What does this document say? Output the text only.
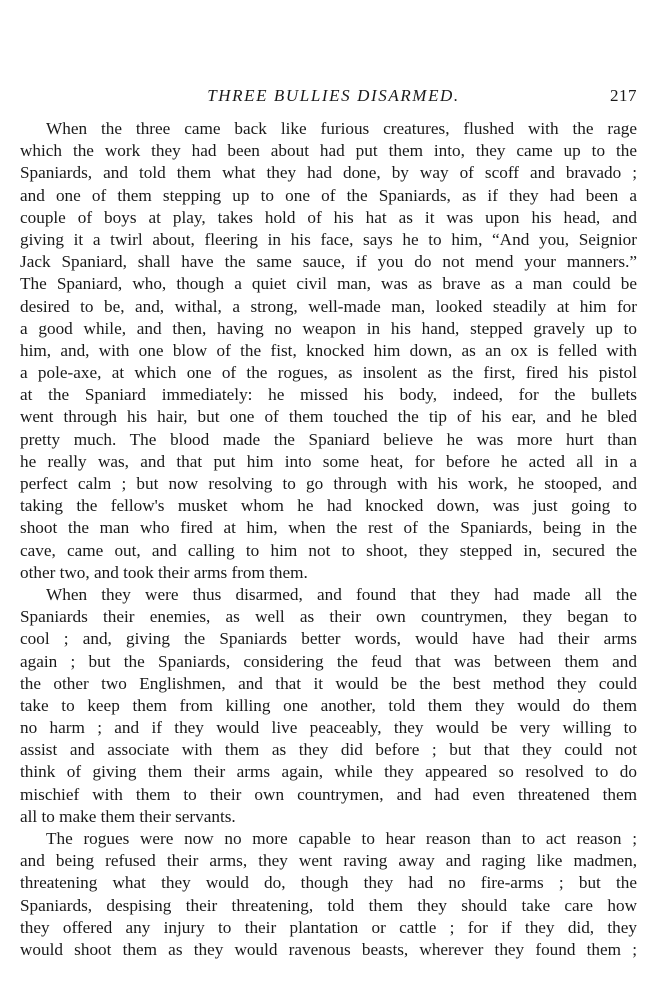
THREE BULLIES DISARMED.	217

When the three came back like furious creatures, flushed with the rage
which the work they had been about had put them into, they came up to the
Spaniards, and told them what they had done, by way of scoff and bravado ;
and one of them stepping up to one of the Spaniards, as if they had been a
couple of boys at play, takes hold of his hat as it was upon his head, and
giving it a twirl about, fleering in his face, says he to him, “And you, Seignior
Jack Spaniard, shall have the same sauce, if you do not mend your manners.”
The Spaniard, who, though a quiet civil man, was as brave as a man could be
desired to be, and, withal, a strong, well-made man, looked steadily at him for
a good while, and then, having no weapon in his hand, stepped gravely up to
him, and, with one blow of the fist, knocked him down, as an ox is felled with
a pole-axe, at which one of the rogues, as insolent as the first, fired his pistol
at the Spaniard immediately: he missed his body, indeed, for the bullets
went through his hair, but one of them touched the tip of his ear, and he bled
pretty much. The blood made the Spaniard believe he was more hurt than
he really was, and that put him into some heat, for before he acted all in a
perfect calm ; but now resolving to go through with his work, he stooped, and
taking the fellow's musket whom he had knocked down, was just going to
shoot the man who fired at him, when the rest of the Spaniards, being in the
cave, came out, and calling to him not to shoot, they stepped in, secured the
other two, and took their arms from them.

When they were thus disarmed, and found that they had made all the
Spaniards their enemies, as well as their own countrymen, they began to
cool ; and, giving the Spaniards better words, would have had their arms
again ; but the Spaniards, considering the feud that was between them and
the other two Englishmen, and that it would be the best method they could
take to keep them from killing one another, told them they would do them
no harm ; and if they would live peaceably, they would be very willing to
assist and associate with them as they did before ; but that they could not
think of giving them their arms again, while they appeared so resolved to do
mischief with them to their own countrymen, and had even threatened them
all to make them their servants.

The rogues were now no more capable to hear reason than to act reason ;
and being refused their arms, they went raving away and raging like madmen,
threatening what they would do, though they had no fire-arms ; but the
Spaniards, despising their threatening, told them they should take care how
they offered any injury to their plantation or cattle ; for if they did, they
would shoot them as they would ravenous beasts, wherever they found them ;
